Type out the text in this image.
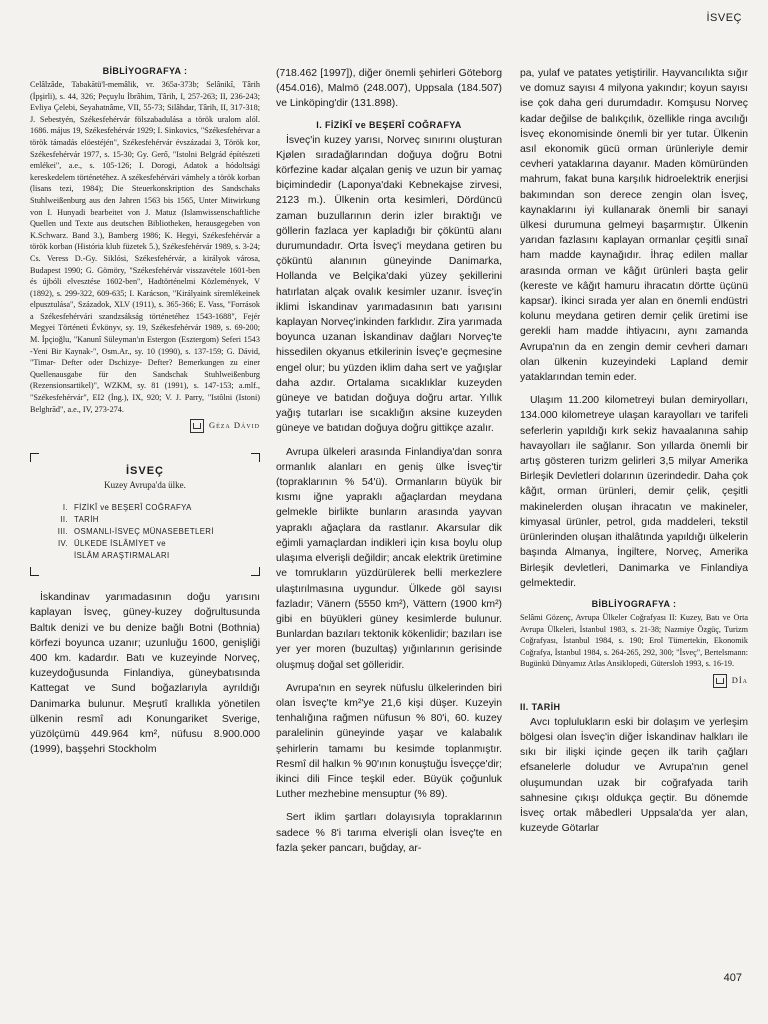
İSVEÇ

BİBLİYOGRAFYA :

Celâlzâde, Tabakātü'l-memâlik, vr. 365a-373b; Selânikî, Târih (İpşirli), s. 44, 326; Peçuylu İbrâhim, Târih, I, 257-263; II, 236-243; Evliya Çelebi, Seyahatnâme, VII, 55-73; Silâhdar, Târih, II, 317-318; J. Sebestyén, Székesfehérvár fölszabadulása a török uralom alól. 1686. május 19, Székesfehérvár 1929; I. Sinkovics, "Székesfehérvar a török támadás elöestéjén", Székesfehérvár évszázadai 3, Török kor, Székesfehérvár 1977, s. 15-30; Gy. Gerő, "Istolni Belgrád építészeti emlékei", a.e., s. 105-126; I. Dorogi, Adatok a hódoltsági kereskedelem történetéhez. A székesfehérvári vámhely a török korban (lisans tezi, 1984); Die Steuerkonskription des Sandschaks Stuhlweißenburg aus den Jahren 1563 bis 1565, Unter Mitwirkung von I. Hunyadi bearbeitet von J. Matuz (Islamwissenschaftliche Quellen und Texte aus deutschen Bibliotheken, herausgegeben von K.Schwarz. Band 3.), Bamberg 1986; K. Hegyi, Székesfehérvár a török korban (História klub füzetek 5.), Székesfehérvár 1989, s. 3-24; Cs. Veress D.-Gy. Siklósi, Székesfehérvár, a királyok városa, Budapest 1990; G. Gömöry, "Székesfehérvár visszavétele 1601-ben és újbóli elvesztése 1602-ben", Hadtörténelmi Közlemények, V (1892), s. 299-322, 609-635; I. Karácson, "Királyaink síremlékeinek elpusztulása", Századok, XLV (1911), s. 365-366; E. Vass, "Források a Székesfehérvári szandzsákság történetéhez 1543-1688", Fejér Megyei Történeti Évkönyv, sy. 19, Székesfehérvár 1989, s. 69-200; M. İpçioğlu, "Kanunî Süleyman'ın Estergon (Esztergom) Seferi 1543 -Yeni Bir Kaynak-", Osm.Ar., sy. 10 (1990), s. 137-159; G. Dávid, "Timar- Defter oder Dschizye- Defter? Bemerkungen zu einer Quellenausgabe für den Sandschak Stuhlweißenburg (Rezensionsartikel)", WZKM, sy. 81 (1991), s. 147-153; a.mlf., "Székesfehérvár", EI2 (İng.), IX, 920; V. J. Parry, "Istôlni (Istoni) Belghrād", a.e., IV, 273-274.

Géza Dávid

İSVEÇ

Kuzey Avrupa'da ülke.

I. FİZİKÎ ve BEŞERÎ COĞRAFYA
II. TARİH
III. OSMANLI-İSVEÇ MÜNASEBETLERİ
IV. ÜLKEDE İSLÂMİYET ve
İSLÂM ARAŞTIRMALARI

İskandinav yarımadasının doğu yarısını kaplayan İsveç, güney-kuzey doğrultusunda Baltık denizi ve bu denize bağlı Botni (Bothnia) körfezi boyunca uzanır; uzunluğu 1600, genişliği 400 km. kadardır. Batı ve kuzeyinde Norveç, kuzeydoğusunda Finlandiya, güneybatısında Kattegat ve Sund boğazlarıyla ayrıldığı Danimarka bulunur. Meşrutî krallıkla yönetilen ülkenin resmî adı Konungariket Sverige, yüzölçümü 449.964 km², nüfusu 8.900.000 (1999), başşehri Stockholm

(718.462 [1997]), diğer önemli şehirleri Göteborg (454.016), Malmö (248.007), Uppsala (184.507) ve Linköping'dir (131.898).

I. FİZİKÎ ve BEŞERÎ COĞRAFYA

İsveç'in kuzey yarısı, Norveç sınırını oluşturan Kjølen sıradağlarından doğuya doğru Botni körfezine kadar alçalan geniş ve uzun bir yamaç biçimindedir (Laponya'daki Kebnekajse zirvesi, 2123 m.). Ülkenin orta kesimleri, Dördüncü zaman buzullarının derin izler bıraktığı ve göllerin fazlaca yer kapladığı bir çöküntü alanı durumundadır. Orta İsveç'i meydana getiren bu çöküntü alanının güneyinde Danimarka, Hollanda ve Belçika'daki yüzey şekillerini hatırlatan alçak ovalık kesimler uzanır. İsveç'in iklimi İskandinav yarımadasının batı yarısını kaplayan Norveç'inkinden farklıdır. Zira yarımada boyunca uzanan İskandinav dağları Norveç'te hissedilen okyanus etkilerinin İsveç'e geçmesine engel olur; bu yüzden iklim daha sert ve yağışlar daha azdır. Ortalama sıcaklıklar kuzeyden güneye ve batıdan doğuya doğru artar. Yıllık yağış tutarları ise sıcaklığın aksine kuzeyden güneye ve batıdan doğuya doğru gittikçe azalır.

Avrupa ülkeleri arasında Finlandiya'dan sonra ormanlık alanları en geniş ülke İsveç'tir (topraklarının % 54'ü). Ormanların büyük bir kısmı iğne yapraklı ağaçlardan meydana gelmekle birlikte bunların arasında yayvan yapraklı ağaçlara da rastlanır. Akarsular dik eğimli yamaçlardan indikleri için kısa boylu olup ulaşıma elverişli değildir; ancak elektrik üretimine ve tomrukların yüzdürülerek belli merkezlere ulaştırılmasına uygundur. Ülkede göl sayısı fazladır; Vänern (5550 km²), Vättern (1900 km²) gibi en büyükleri güney kesimlerde bulunur. Bunlardan bazıları tektonik kökenlidir; bazıları ise yer yer moren (buzultaş) yığınlarının gerisinde oluşmuş doğal set gölleridir.

Avrupa'nın en seyrek nüfuslu ülkelerinden biri olan İsveç'te km²'ye 21,6 kişi düşer. Kuzeyin tenhalığına rağmen nüfusun % 80'i, 60. kuzey paralelinin güneyinde yaşar ve kalabalık şehirlerin tamamı bu kesimde toplanmıştır. Resmî dil halkın % 90'ının konuştuğu İsveççe'dir; ikinci dili Fince teşkil eder. Büyük çoğunluk Luther mezhebine mensuptur (% 89).

Sert iklim şartları dolayısıyla topraklarının sadece % 8'i tarıma elverişli olan İsveç'te en fazla şeker pancarı, buğday, ar-

pa, yulaf ve patates yetiştirilir. Hayvancılıkta sığır ve domuz sayısı 4 milyona yakındır; koyun sayısı ise çok daha geri durumdadır. Komşusu Norveç kadar değilse de balıkçılık, özellikle ringa avcılığı İsveç ekonomisinde önemli bir yer tutar. Ülkenin asıl ekonomik gücü orman ürünleriyle demir cevheri yataklarına dayanır. Maden kömüründen mahrum, fakat buna karşılık hidroelektrik enerjisi bakımından son derece zengin olan İsveç, kaynaklarını iyi kullanarak önemli bir sanayi ülkesi durumuna gelmeyi başarmıştır. Ülkenin yarıdan fazlasını kaplayan ormanlar çeşitli sınaî ham madde kaynağıdır. İhraç edilen mallar arasında orman ve kâğıt ürünleri başta gelir (kereste ve kâğıt hamuru ihracatın dörtte üçünü kapsar). İkinci sırada yer alan en önemli endüstri kolunu meydana getiren demir çelik üretimi ise gerekli ham madde ihtiyacını, aynı zamanda Avrupa'nın da en zengin demir cevheri damarı olan ülkenin kuzeyindeki Lapland demir yataklarından temin eder.

Ulaşım 11.200 kilometreyi bulan demiryolları, 134.000 kilometreye ulaşan karayolları ve tarifeli seferlerin yapıldığı kırk sekiz havaalanına sahip havayolları ile sağlanır. Son yıllarda önemli bir artış gösteren turizm gelirleri 3,5 milyar Amerika Birleşik Devletleri dolarının üzerindedir. Daha çok kâğıt, orman ürünleri, demir çelik, çeşitli makinelerden oluşan ihracatın ve makineler, kimyasal ürünler, petrol, gıda maddeleri, tekstil ürünlerinden oluşan ithalâtında yapıldığı ülkelerin başında Almanya, İngiltere, Norveç, Amerika Birleşik devletleri, Danimarka ve Finlandiya gelmektedir.

BİBLİYOGRAFYA :

Selâmi Gözenç, Avrupa Ülkeler Coğrafyası II: Kuzey, Batı ve Orta Avrupa Ülkeleri, İstanbul 1983, s. 21-38; Nazmiye Özgüç, Turizm Coğrafyası, İstanbul 1984, s. 190; Erol Tümertekin, Ekonomik Coğrafya, İstanbul 1984, s. 264-265, 292, 300; "İsveç", Bertelsmann: Bugünkü Dünyamız Atlas Ansiklopedi, Gütersloh 1993, s. 16-19.

Dİa

II. TARİH

Avcı toplulukların eski bir dolaşım ve yerleşim bölgesi olan İsveç'in diğer İskandinav halkları ile sıkı bir ilişki içinde geçen ilk tarih çağları efsanelerle doludur ve Avrupa'nın genel oluşumundan uzak bir coğrafyada tarih sahnesine çıkışı oldukça geçtir. Bu dönemde İsveç ortak mâbedleri Uppsala'da yer alan, kuzeyde Götarlar

407
